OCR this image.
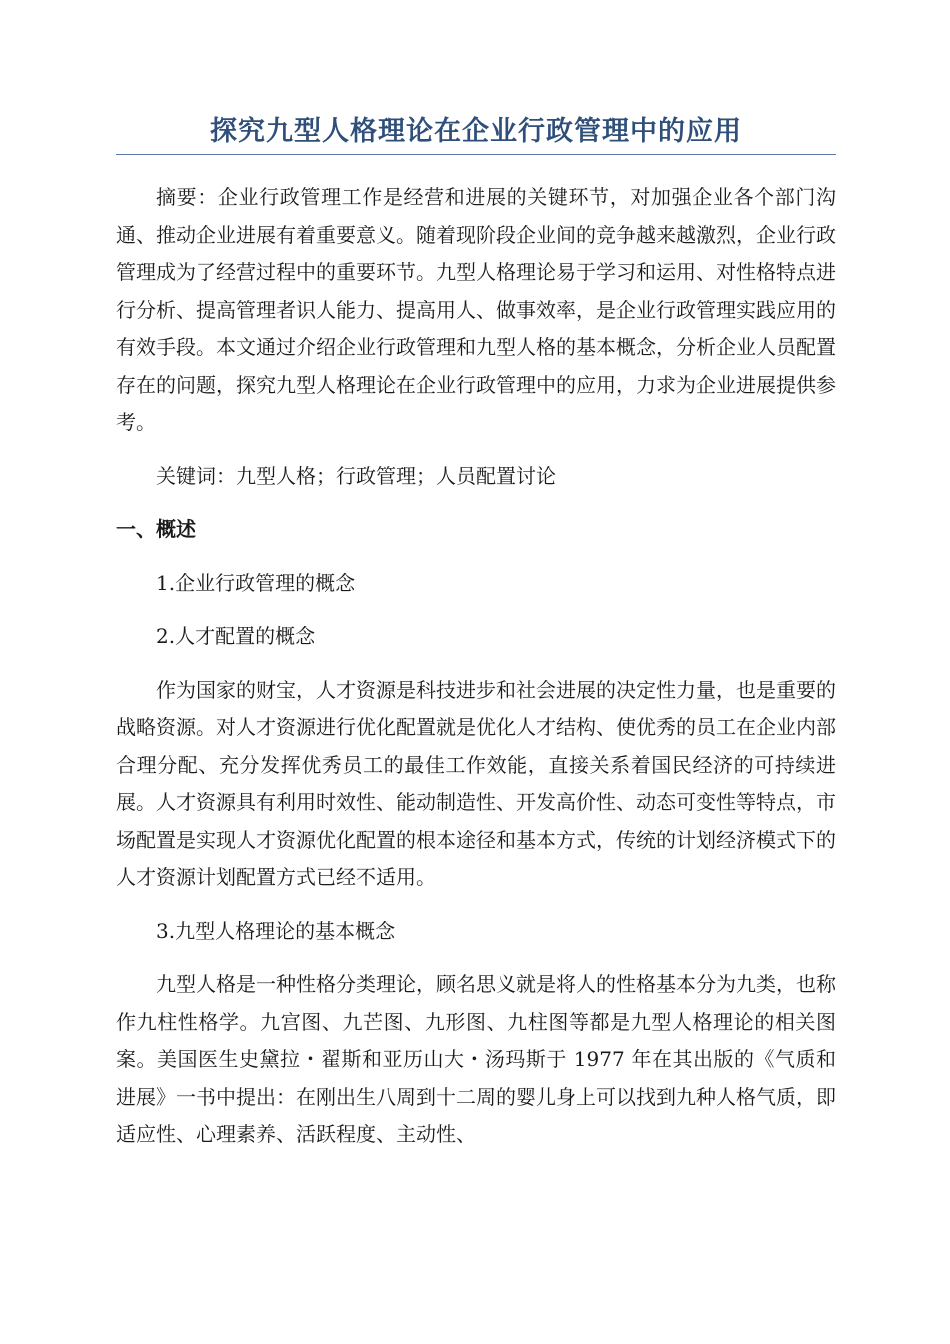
探究九型人格理论在企业行政管理中的应用

摘要：企业行政管理工作是经营和进展的关键环节，对加强企业各个部门沟通、推动企业进展有着重要意义。随着现阶段企业间的竞争越来越激烈，企业行政管理成为了经营过程中的重要环节。九型人格理论易于学习和运用、对性格特点进行分析、提高管理者识人能力、提高用人、做事效率，是企业行政管理实践应用的有效手段。本文通过介绍企业行政管理和九型人格的基本概念，分析企业人员配置存在的问题，探究九型人格理论在企业行政管理中的应用，力求为企业进展提供参考。

关键词：九型人格；行政管理；人员配置讨论

一、概述

1.企业行政管理的概念

2.人才配置的概念

作为国家的财宝，人才资源是科技进步和社会进展的决定性力量，也是重要的战略资源。对人才资源进行优化配置就是优化人才结构、使优秀的员工在企业内部合理分配、充分发挥优秀员工的最佳工作效能，直接关系着国民经济的可持续进展。人才资源具有利用时效性、能动制造性、开发高价性、动态可变性等特点，市场配置是实现人才资源优化配置的根本途径和基本方式，传统的计划经济模式下的人才资源计划配置方式已经不适用。

3.九型人格理论的基本概念

九型人格是一种性格分类理论，顾名思义就是将人的性格基本分为九类，也称作九柱性格学。九宫图、九芒图、九形图、九柱图等都是九型人格理论的相关图案。美国医生史黛拉・翟斯和亚历山大・汤玛斯于 1977 年在其出版的《气质和进展》一书中提出：在刚出生八周到十二周的婴儿身上可以找到九种人格气质，即适应性、心理素养、活跃程度、主动性、
